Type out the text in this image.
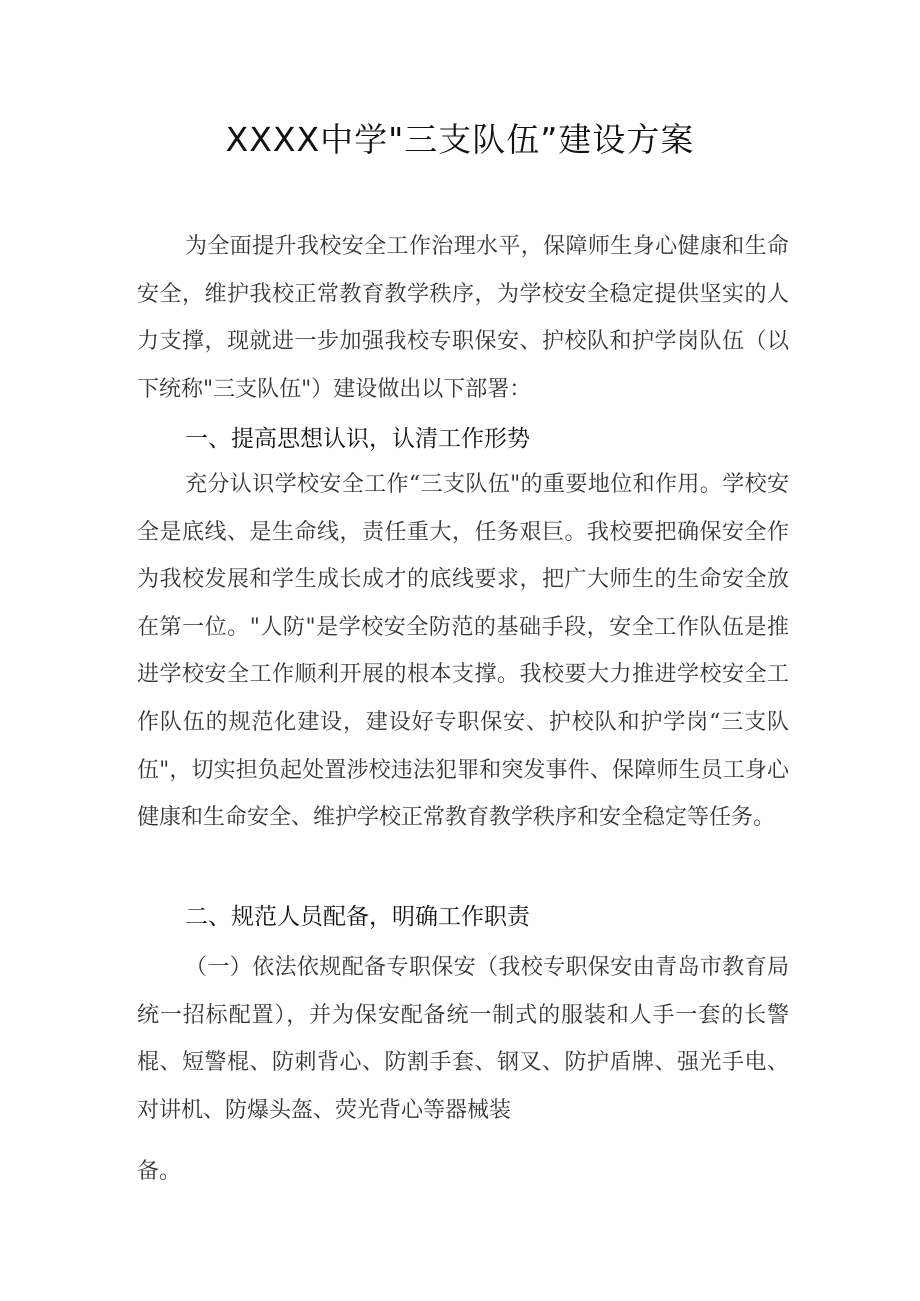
XXXX中学"三支队伍”建设方案

为全面提升我校安全工作治理水平，保障师生身心健康和生命安全，维护我校正常教育教学秩序，为学校安全稳定提供坚实的人力支撑，现就进一步加强我校专职保安、护校队和护学岗队伍（以下统称"三支队伍"）建设做出以下部署：

一、提高思想认识，认清工作形势

充分认识学校安全工作“三支队伍"的重要地位和作用。学校安全是底线、是生命线，责任重大，任务艰巨。我校要把确保安全作为我校发展和学生成长成才的底线要求，把广大师生的生命安全放在第一位。"人防"是学校安全防范的基础手段，安全工作队伍是推进学校安全工作顺利开展的根本支撑。我校要大力推进学校安全工作队伍的规范化建设，建设好专职保安、护校队和护学岗“三支队伍"，切实担负起处置涉校违法犯罪和突发事件、保障师生员工身心健康和生命安全、维护学校正常教育教学秩序和安全稳定等任务。

二、规范人员配备，明确工作职责

（一）依法依规配备专职保安（我校专职保安由青岛市教育局统一招标配置），并为保安配备统一制式的服装和人手一套的长警棍、短警棍、防刺背心、防割手套、钢叉、防护盾牌、强光手电、对讲机、防爆头盔、荧光背心等器械装

备。
